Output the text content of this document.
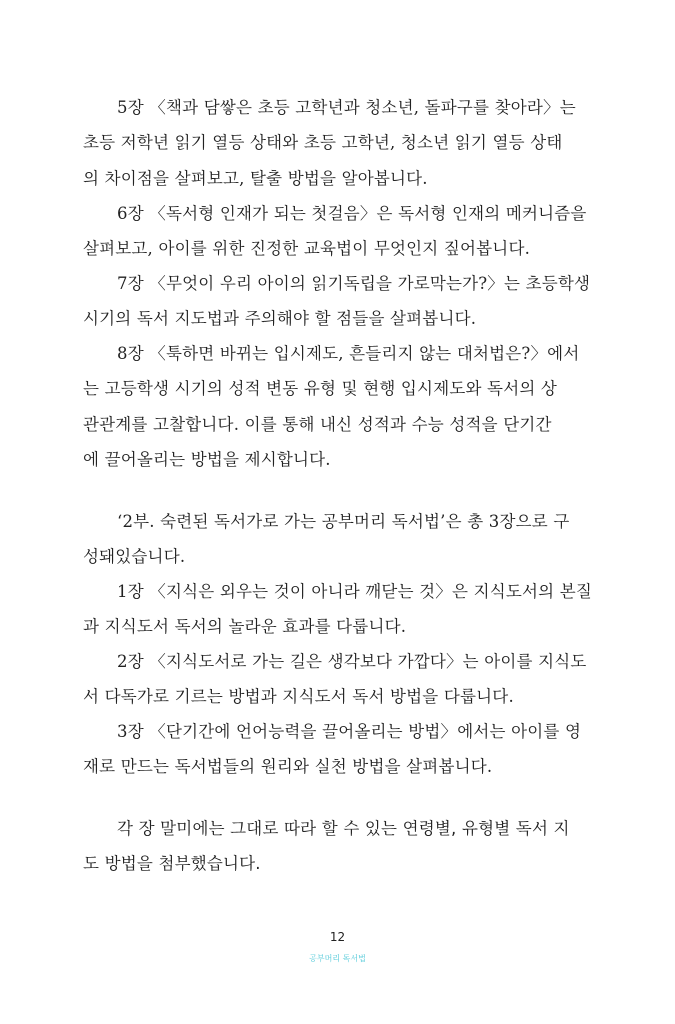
5장 〈책과 담쌓은 초등 고학년과 청소년, 돌파구를 찾아라〉는
초등 저학년 읽기 열등 상태와 초등 고학년, 청소년 읽기 열등 상태
의 차이점을 살펴보고, 탈출 방법을 알아봅니다.
6장 〈독서형 인재가 되는 첫걸음〉은 독서형 인재의 메커니즘을
살펴보고, 아이를 위한 진정한 교육법이 무엇인지 짚어봅니다.
7장 〈무엇이 우리 아이의 읽기독립을 가로막는가?〉는 초등학생
시기의 독서 지도법과 주의해야 할 점들을 살펴봅니다.
8장 〈툭하면 바뀌는 입시제도, 흔들리지 않는 대처법은?〉에서
는 고등학생 시기의 성적 변동 유형 및 현행 입시제도와 독서의 상
관관계를 고찰합니다. 이를 통해 내신 성적과 수능 성적을 단기간
에 끌어올리는 방법을 제시합니다.
‘2부. 숙련된 독서가로 가는 공부머리 독서법’은 총 3장으로 구
성돼있습니다.
1장 〈지식은 외우는 것이 아니라 깨닫는 것〉은 지식도서의 본질
과 지식도서 독서의 놀라운 효과를 다룹니다.
2장 〈지식도서로 가는 길은 생각보다 가깝다〉는 아이를 지식도
서 다독가로 기르는 방법과 지식도서 독서 방법을 다룹니다.
3장 〈단기간에 언어능력을 끌어올리는 방법〉에서는 아이를 영
재로 만드는 독서법들의 원리와 실천 방법을 살펴봅니다.
각 장 말미에는 그대로 따라 할 수 있는 연령별, 유형별 독서 지
도 방법을 첨부했습니다.
12
공부머리 독서법
